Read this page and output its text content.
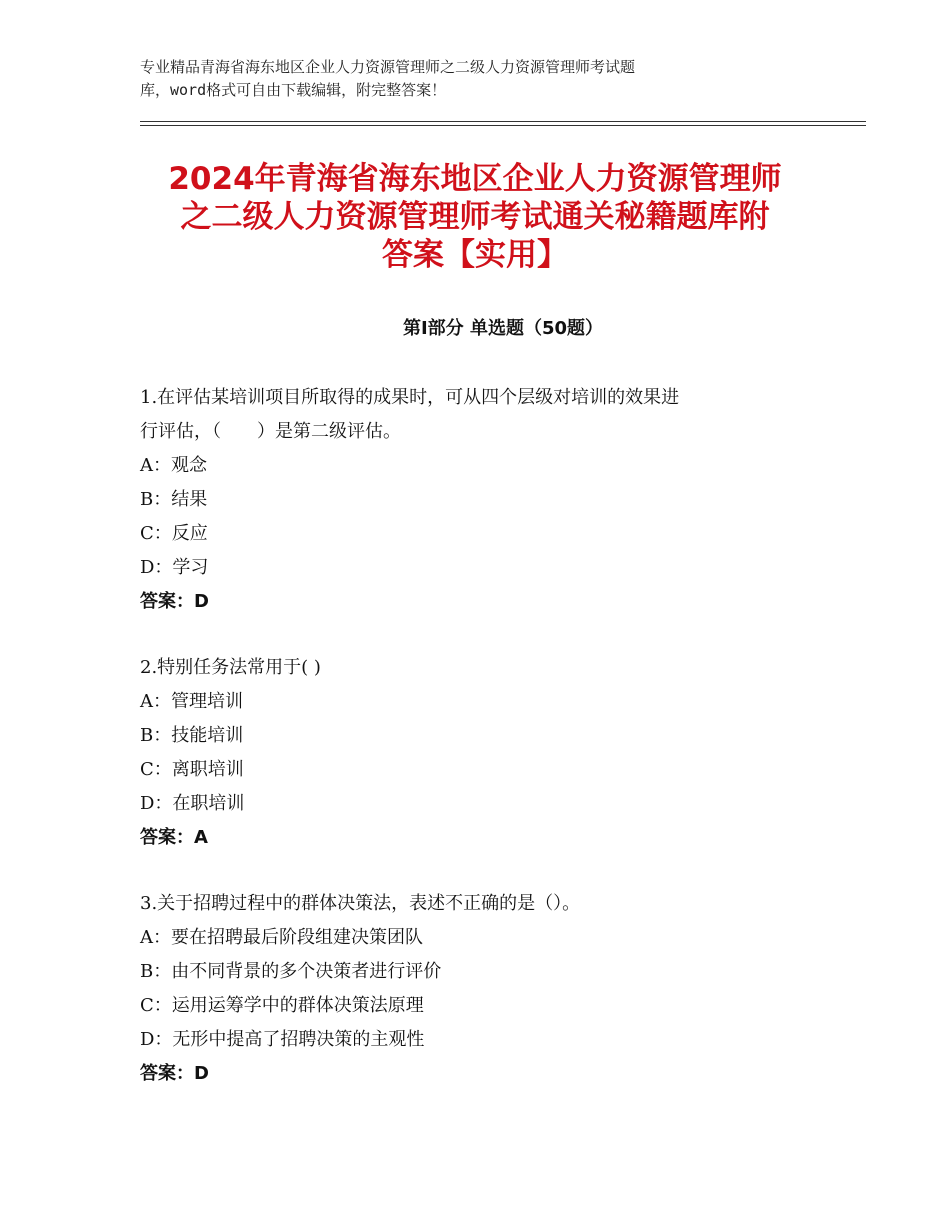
专业精品青海省海东地区企业人力资源管理师之二级人力资源管理师考试题
库，word格式可自由下载编辑，附完整答案！
2024年青海省海东地区企业人力资源管理师
之二级人力资源管理师考试通关秘籍题库附
答案【实用】
第Ⅰ部分 单选题（50题）
1.在评估某培训项目所取得的成果时，可从四个层级对培训的效果进
行评估，（　　）是第二级评估。
A：观念
B：结果
C：反应
D：学习
答案：D
2.特别任务法常用于( )
A：管理培训
B：技能培训
C：离职培训
D：在职培训
答案：A
3.关于招聘过程中的群体决策法，表述不正确的是（）。
A：要在招聘最后阶段组建决策团队
B：由不同背景的多个决策者进行评价
C：运用运筹学中的群体决策法原理
D：无形中提高了招聘决策的主观性
答案：D
